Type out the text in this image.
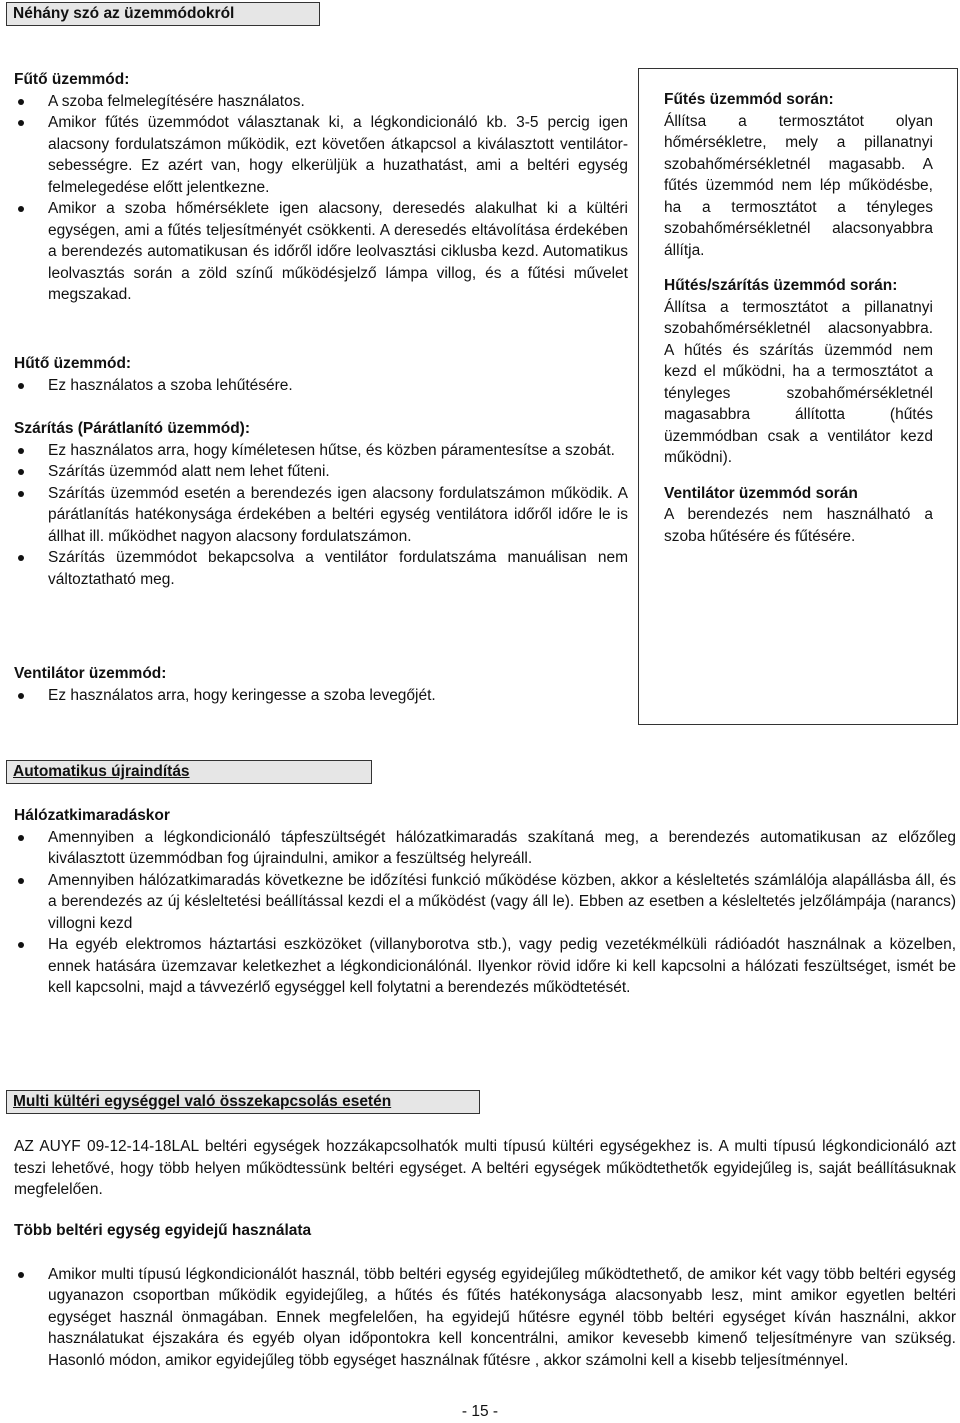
Néhány szó az üzemmódokról

Fűtő üzemmód:

A szoba felmelegítésére használatos.
Amikor fűtés üzemmódot választanak ki, a légkondicionáló kb. 3-5 percig igen alacsony fordulatszámon működik, ezt követően átkapcsol a kiválasztott ventilátor-sebességre. Ez azért van, hogy elkerüljük a huzathatást, ami a beltéri egység felmelegedése előtt jelentkezne.
Amikor a szoba hőmérséklete igen alacsony, deresedés alakulhat ki a kültéri egységen, ami a fűtés teljesítményét csökkenti. A deresedés eltávolítása érdekében a berendezés automatikusan és időről időre leolvasztási ciklusba kezd. Automatikus leolvasztás során a zöld színű működésjelző lámpa villog, és a fűtési művelet megszakad.

Hűtő üzemmód:

Ez használatos a szoba lehűtésére.

Szárítás (Párátlanító üzemmód):

Ez használatos arra, hogy kíméletesen hűtse, és közben páramentesítse a szobát.
Szárítás üzemmód alatt nem lehet fűteni.
Szárítás üzemmód esetén a berendezés igen alacsony fordulatszámon működik. A párátlanítás hatékonysága érdekében a beltéri egység ventilátora időről időre le is állhat ill. működhet nagyon alacsony fordulatszámon.
Szárítás üzemmódot bekapcsolva a ventilátor fordulatszáma manuálisan nem változtatható meg.

Ventilátor üzemmód:

Ez használatos arra, hogy keringesse a szoba levegőjét.

Fűtés üzemmód során:

Állítsa a termosztátot olyan hőmérsékletre, mely a pillanatnyi szobahőmérsékletnél magasabb. A fűtés üzemmód nem lép működésbe, ha a termosztátot a tényleges szobahőmérsékletnél alacsonyabbra állítja.

Hűtés/szárítás üzemmód során:

Állítsa a termosztátot a pillanatnyi szobahőmérsékletnél alacsonyabbra. A hűtés és szárítás üzemmód nem kezd el működni, ha a termosztátot a tényleges szobahőmérsékletnél magasabbra állította (hűtés üzemmódban csak a ventilátor kezd működni).

Ventilátor üzemmód során

A berendezés nem használható a szoba hűtésére és fűtésére.

Automatikus újraindítás

Hálózatkimaradáskor

Amennyiben a légkondicionáló tápfeszültségét hálózatkimaradás szakítaná meg, a berendezés automatikusan az előzőleg kiválasztott üzemmódban fog újraindulni, amikor a feszültség helyreáll.
Amennyiben hálózatkimaradás következne be időzítési funkció működése közben, akkor a késleltetés számlálója alapállásba áll, és a berendezés az új késleltetési beállítással kezdi el a működést (vagy áll le). Ebben az esetben a késleltetés jelzőlámpája (narancs) villogni kezd
Ha egyéb elektromos háztartási eszközöket (villanyborotva stb.), vagy pedig vezetékmélküli rádióadót használnak a közelben, ennek hatására üzemzavar keletkezhet a légkondicionálónál. Ilyenkor rövid időre ki kell kapcsolni a hálózati feszültséget, ismét be kell kapcsolni, majd a távvezérlő egységgel kell folytatni a berendezés működtetését.
Multi kültéri egységgel való összekapcsolás esetén

AZ AUYF 09-12-14-18LAL beltéri egységek hozzákapcsolhatók multi típusú kültéri egységekhez is. A multi típusú légkondicionáló azt teszi lehetővé, hogy több helyen működtessünk beltéri egységet. A beltéri egységek működtethetők egyidejűleg is, saját beállításuknak megfelelően.

Több beltéri egység egyidejű használata

Amikor multi típusú légkondicionálót használ, több beltéri egység egyidejűleg működtethető, de amikor két vagy több beltéri egység ugyanazon csoportban működik egyidejűleg, a hűtés és fűtés hatékonysága alacsonyabb lesz, mint amikor egyetlen beltéri egységet használ önmagában. Ennek megfelelően, ha egyidejű hűtésre egynél több beltéri egységet kíván használni, akkor használatukat éjszakára és egyéb olyan időpontokra kell koncentrálni, amikor kevesebb kimenő teljesítményre van szükség. Hasonló módon, amikor egyidejűleg több egységet használnak fűtésre , akkor számolni kell a kisebb teljesítménnyel.
- 15 -
